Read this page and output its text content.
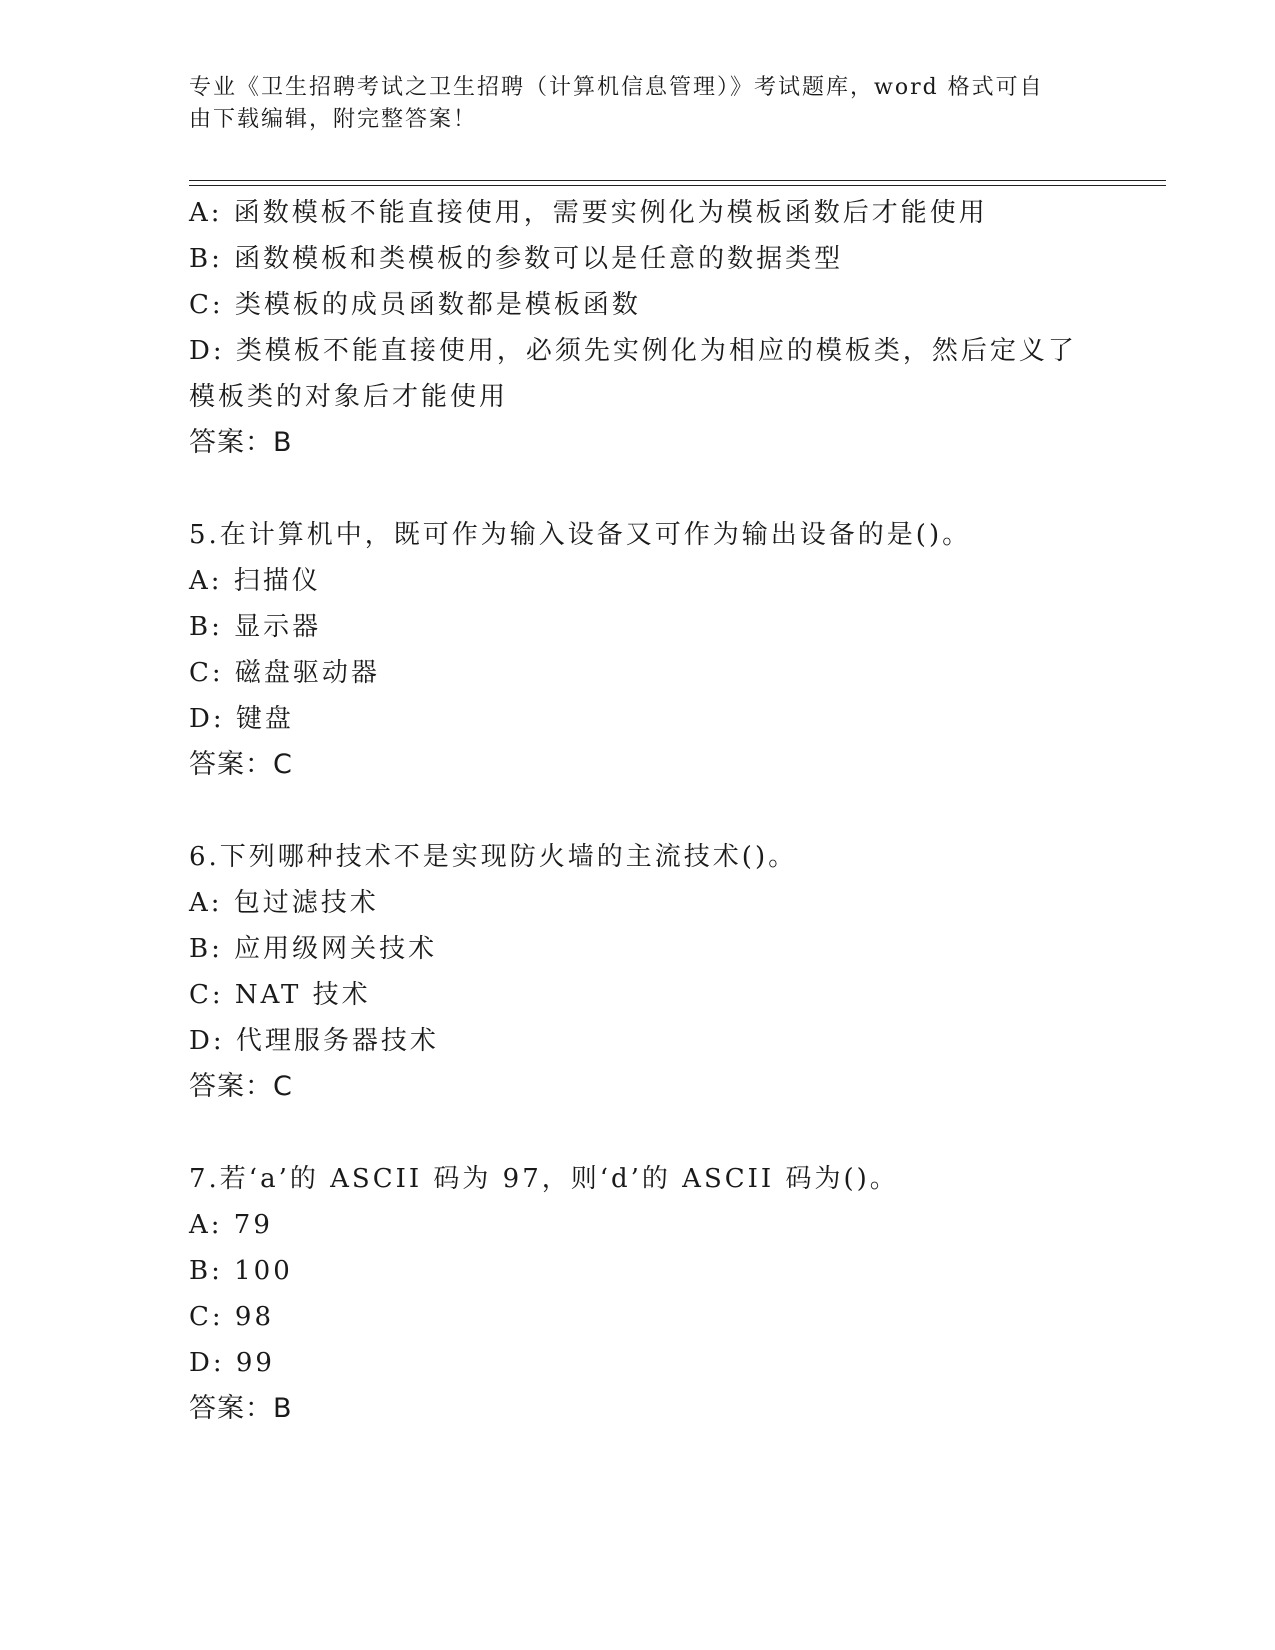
专业《卫生招聘考试之卫生招聘（计算机信息管理）》考试题库，word 格式可自
由下载编辑，附完整答案！
A: 函数模板不能直接使用，需要实例化为模板函数后才能使用
B: 函数模板和类模板的参数可以是任意的数据类型
C: 类模板的成员函数都是模板函数
D: 类模板不能直接使用，必须先实例化为相应的模板类，然后定义了
模板类的对象后才能使用
答案：B
5.在计算机中，既可作为输入设备又可作为输出设备的是()。
A: 扫描仪
B: 显示器
C: 磁盘驱动器
D: 键盘
答案：C
6.下列哪种技术不是实现防火墙的主流技术()。
A: 包过滤技术
B: 应用级网关技术
C: NAT 技术
D: 代理服务器技术
答案：C
7.若‘a’的 ASCII 码为 97，则‘d’的 ASCII 码为()。
A: 79
B: 100
C: 98
D: 99
答案：B
